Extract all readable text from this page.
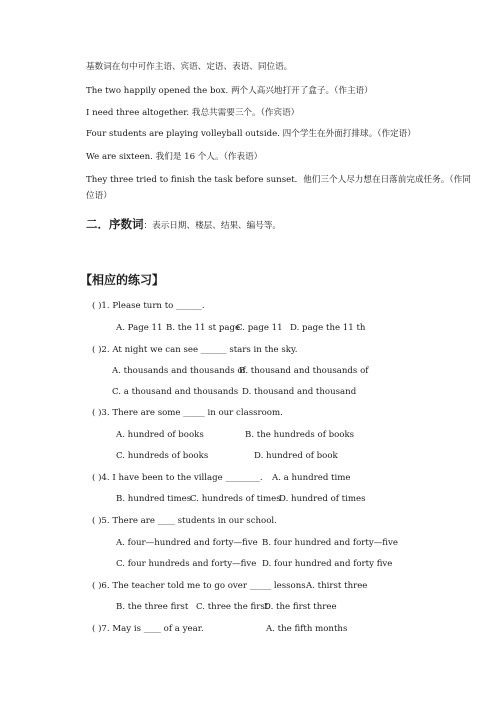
基数词在句中可作主语、宾语、定语、表语、同位语。
The two happily opened the box. 两个人高兴地打开了盒子。（作主语）
I need three altogether. 我总共需要三个。（作宾语）
Four students are playing volleyball outside. 四个学生在外面打排球。（作定语）
We are sixteen. 我们是 16 个人。（作表语）
They three tried to finish the task before sunset．他们三个人尽力想在日落前完成任务。（作同位语）
二．序数词：表示日期、楼层、结果、编号等。
【相应的练习】
( )1. Please turn to ______.
A. Page 11 B. the 11 st page
C. page 11 D. page the 11 th
( )2. At night we can see ______ stars in the sky.
A. thousands and thousands of
B. thousand and thousands of
C. a thousand and thousands D. thousand and thousand
( )3. There are some _____ in our classroom.
A. hundred of books	B. the hundreds of books
C. hundreds of books	D. hundred of book
( )4. I have been to the village ________. A. a hundred time
B. hundred times
C. hundreds of times
D. hundred of times
( )5. There are ____ students in our school.
A. four—hundred and forty—five B. four hundred and forty—five
C. four hundreds and forty—five D. four hundred and forty five
( )6. The teacher told me to go over _____ lessons.
A. thirst three
B. the three first C. three the first
D. the first three
( )7. May is ____ of a year.	A. the fifth months
